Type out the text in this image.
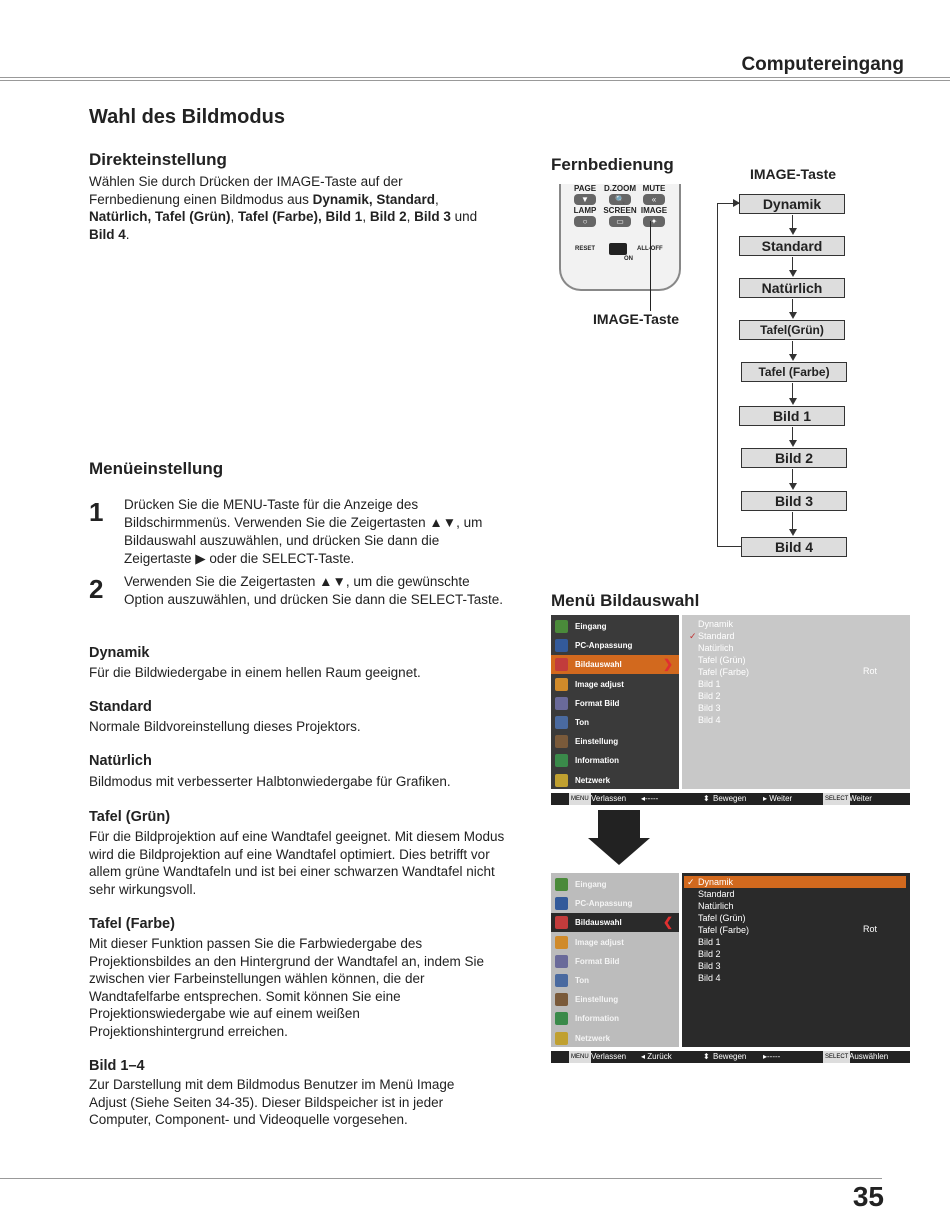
Computereingang
Wahl des Bildmodus
Direkteinstellung

Wählen Sie durch Drücken der IMAGE-Taste auf der
Fernbedienung einen Bildmodus aus Dynamik, Standard,
Natürlich, Tafel (Grün), Tafel (Farbe), Bild 1, Bild 2, Bild 3 und
Bild 4.

Fernbedienung
PAGE D.ZOOM MUTE
▼	🔍	«
LAMP SCREEN IMAGE
○	▭	✦
RESET	ALL-OFF
ON
IMAGE-Taste
IMAGE-Taste
Dynamik
Standard
Natürlich
Tafel(Grün)
Tafel (Farbe)
Bild 1
Bild 2
Bild 3
Bild 4
Menüeinstellung
1 Drücken Sie die MENU-Taste für die Anzeige des Bildschirmmenüs. Verwenden Sie die Zeigertasten ▲▼, um Bildauswahl auszuwählen, und drücken Sie dann die Zeigertaste ▶ oder die SELECT-Taste.

2 Verwenden Sie die Zeigertasten ▲▼, um die gewünschte Option auszuwählen, und drücken Sie dann die SELECT-Taste.

Dynamik

Für die Bildwiedergabe in einem hellen Raum geeignet.

Standard

Normale Bildvoreinstellung dieses Projektors.

Natürlich

Bildmodus mit verbesserter Halbtonwiedergabe für Grafiken.

Tafel (Grün)

Für die Bildprojektion auf eine Wandtafel geeignet. Mit diesem Modus wird die Bildprojektion auf eine Wandtafel optimiert. Dies betrifft vor allem grüne Wandtafeln und ist bei einer schwarzen Wandtafel nicht sehr wirkungsvoll.

Tafel (Farbe)

Mit dieser Funktion passen Sie die Farbwiedergabe des Projektionsbildes an den Hintergrund der Wandtafel an, indem Sie zwischen vier Farbeinstellungen wählen können, die der Wandtafelfarbe entsprechen. Somit können Sie eine Projektionswiedergabe wie auf einem weißen Projektionshintergrund erreichen.

Bild 1–4

Zur Darstellung mit dem Bildmodus Benutzer im Menü Image Adjust (Siehe Seiten 34-35). Dieser Bildspeicher ist in jeder Computer, Component- und Videoquelle vorgesehen.

Menü Bildauswahl
Eingang
PC-Anpassung
Bildauswahl	❯
Image adjust
Format Bild
Ton
Einstellung
Information
Netzwerk
Dynamik
✓ Standard
Natürlich
Tafel (Grün)
Tafel (Farbe)	Rot
Bild 1
Bild 2
Bild 3
Bild 4
MENU Verlassen ◂-----	⬍ Bewegen ▸ Weiter	SELECT Weiter
Eingang
PC-Anpassung
Bildauswahl	❮
Image adjust
Format Bild
Ton
Einstellung
Information
Netzwerk
✓ Dynamik
Standard
Natürlich
Tafel (Grün)
Tafel (Farbe)	Rot
Bild 1
Bild 2
Bild 3
Bild 4
MENU Verlassen ◂ Zurück	⬍ Bewegen ▸-----	SELECT Auswählen
35
